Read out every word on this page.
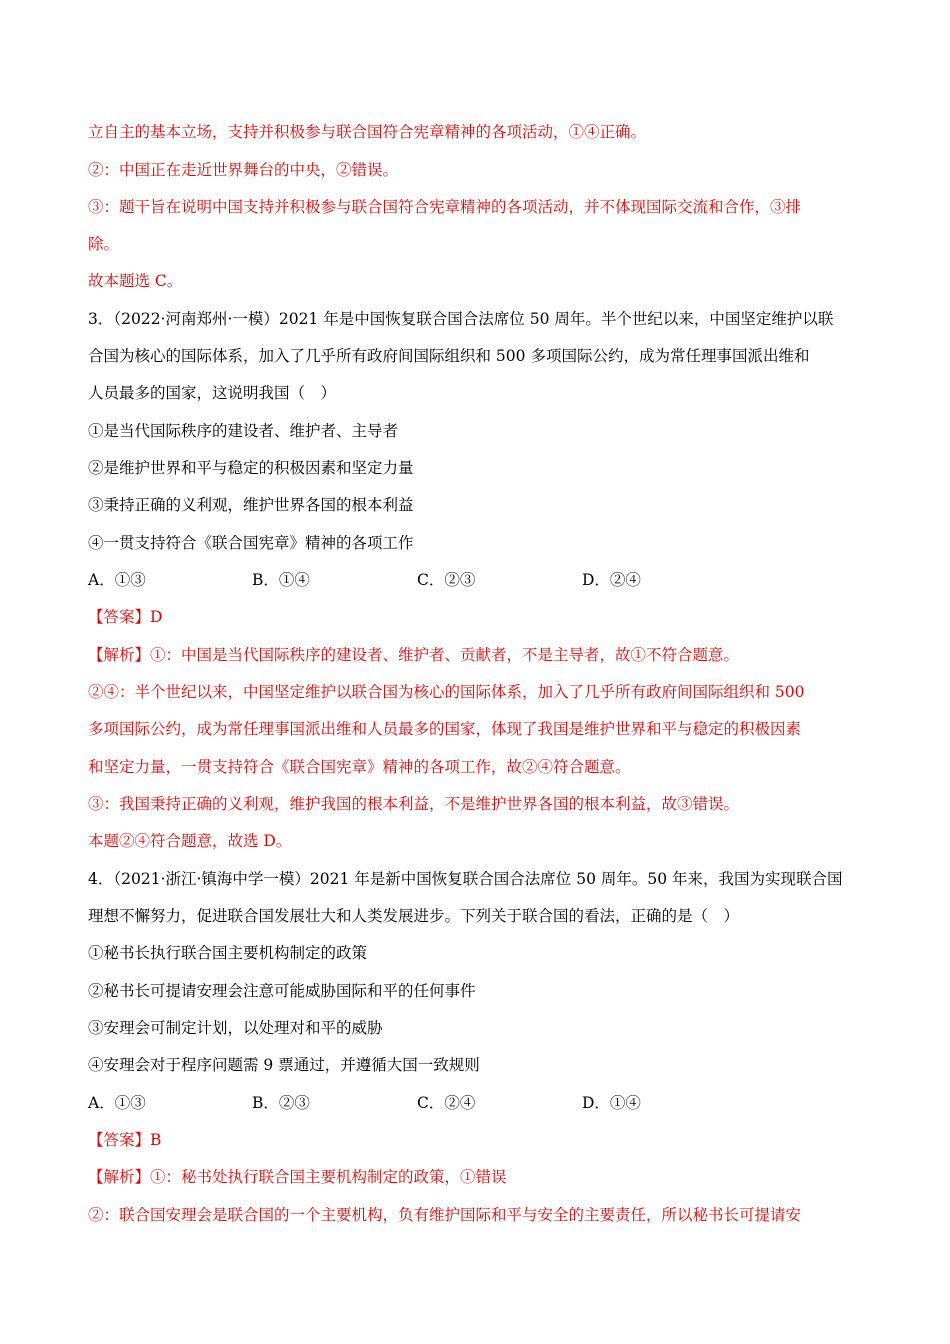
立自主的基本立场，支持并积极参与联合国符合宪章精神的各项活动，①④正确。
②：中国正在走近世界舞台的中央，②错误。
③：题干旨在说明中国支持并积极参与联合国符合宪章精神的各项活动，并不体现国际交流和合作，③排
除。
故本题选 C。
3．（2022·河南郑州·一模）2021 年是中国恢复联合国合法席位 50 周年。半个世纪以来，中国坚定维护以联
合国为核心的国际体系，加入了几乎所有政府间国际组织和 500 多项国际公约，成为常任理事国派出维和
人员最多的国家，这说明我国（　）
①是当代国际秩序的建设者、维护者、主导者
②是维护世界和平与稳定的积极因素和坚定力量
③秉持正确的义利观，维护世界各国的根本利益
④一贯支持符合《联合国宪章》精神的各项工作
A．①③	B．①④	C．②③	D．②④
【答案】D
【解析】①：中国是当代国际秩序的建设者、维护者、贡献者，不是主导者，故①不符合题意。
②④：半个世纪以来，中国坚定维护以联合国为核心的国际体系，加入了几乎所有政府间国际组织和 500
多项国际公约，成为常任理事国派出维和人员最多的国家，体现了我国是维护世界和平与稳定的积极因素
和坚定力量，一贯支持符合《联合国宪章》精神的各项工作，故②④符合题意。
③：我国秉持正确的义利观，维护我国的根本利益，不是维护世界各国的根本利益，故③错误。
本题②④符合题意，故选 D。
4．（2021·浙江·镇海中学一模）2021 年是新中国恢复联合国合法席位 50 周年。50 年来，我国为实现联合国
理想不懈努力，促进联合国发展壮大和人类发展进步。下列关于联合国的看法，正确的是（　）
①秘书长执行联合国主要机构制定的政策
②秘书长可提请安理会注意可能威胁国际和平的任何事件
③安理会可制定计划，以处理对和平的威胁
④安理会对于程序问题需 9 票通过，并遵循大国一致规则
A．①③	B．②③	C．②④	D．①④
【答案】B
【解析】①：秘书处执行联合国主要机构制定的政策，①错误
②：联合国安理会是联合国的一个主要机构，负有维护国际和平与安全的主要责任，所以秘书长可提请安
